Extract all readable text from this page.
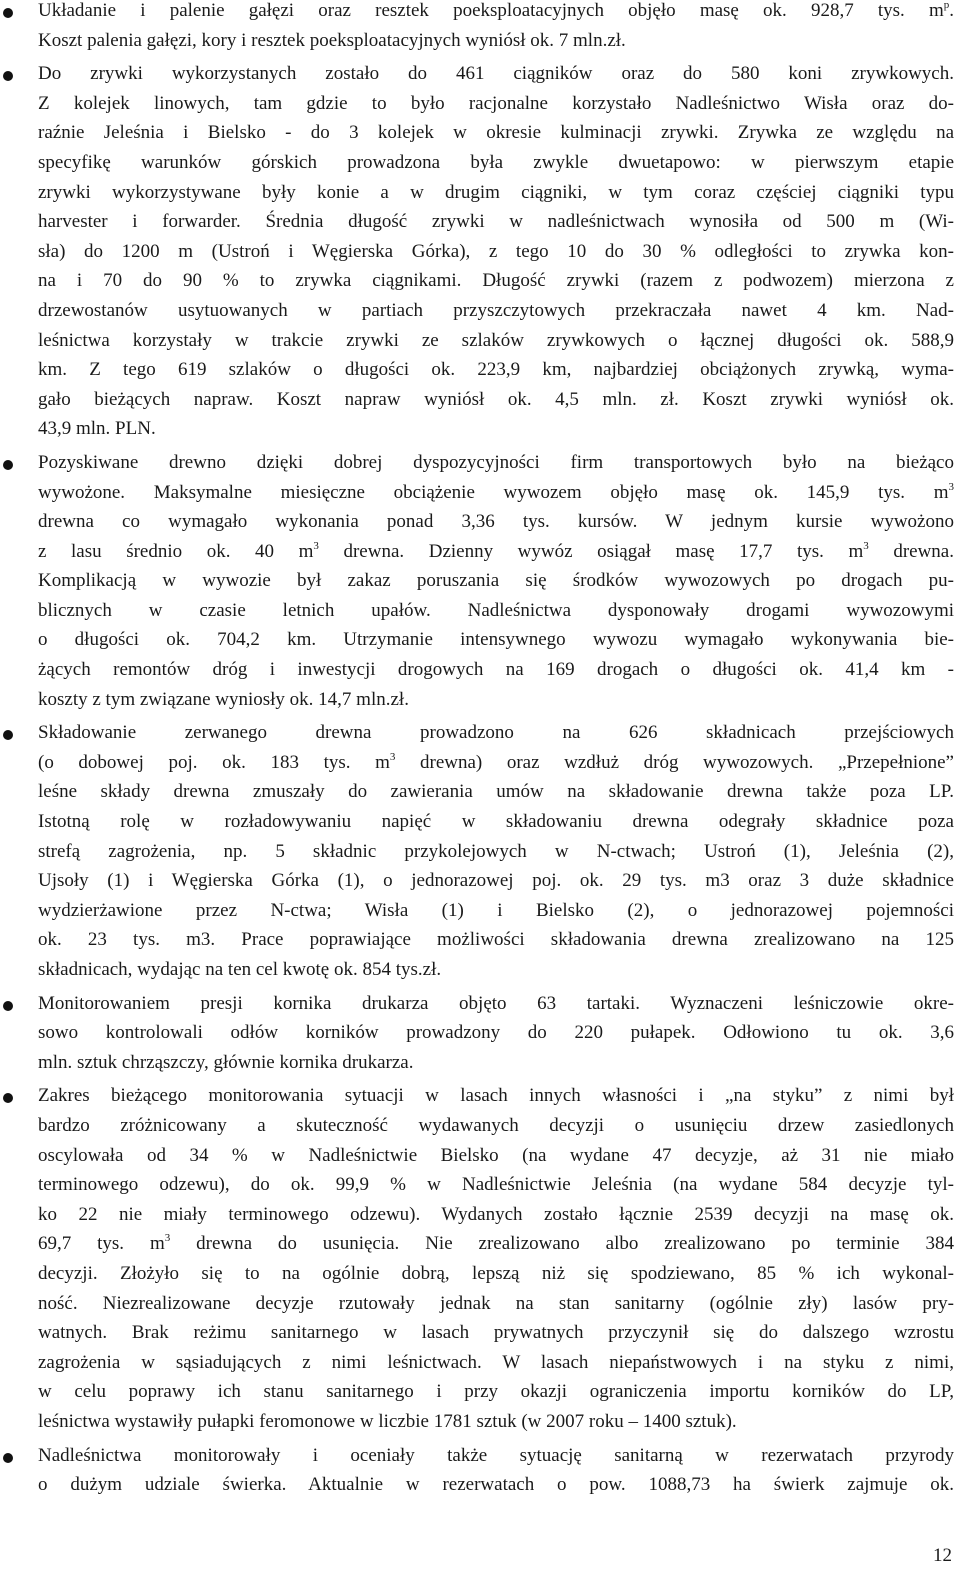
Układanie i palenie gałęzi oraz resztek poeksploatacyjnych objęło masę ok. 928,7 tys. $m^p$.
Koszt palenia gałęzi, kory i resztek poeksploatacyjnych wyniósł ok. 7 mln.zł.
Do zrywki wykorzystanych zostało do 461 ciągników oraz do 580 koni zrywkowych.
Z kolejek linowych, tam gdzie to było racjonalne korzystało Nadleśnictwo Wisła oraz do-
raźnie Jeleśnia i Bielsko - do 3 kolejek w okresie kulminacji zrywki. Zrywka ze względu na
specyfikę warunków górskich prowadzona była zwykle dwuetapowo: w pierwszym etapie
zrywki wykorzystywane były konie a w drugim ciągniki, w tym coraz częściej ciągniki typu
harvester i forwarder. Średnia długość zrywki w nadleśnictwach wynosiła od 500 m (Wi-
sła) do 1200 m (Ustroń i Węgierska Górka), z tego 10 do 30 % odległości to zrywka kon-
na i 70 do 90 % to zrywka ciągnikami. Długość zrywki (razem z podwozem) mierzona z
drzewostanów usytuowanych w partiach przyszczytowych przekraczała nawet 4 km. Nad-
leśnictwa korzystały w trakcie zrywki ze szlaków zrywkowych o łącznej długości ok. 588,9
km. Z tego 619 szlaków o długości ok. 223,9 km, najbardziej obciążonych zrywką, wyma-
gało bieżących napraw. Koszt napraw wyniósł ok. 4,5 mln. zł. Koszt zrywki wyniósł ok.
43,9 mln. PLN.
Pozyskiwane drewno dzięki dobrej dyspozycyjności firm transportowych było na bieżąco
wywożone. Maksymalne miesięczne obciążenie wywozem objęło masę ok. 145,9 tys. $m^3$
drewna co wymagało wykonania ponad 3,36 tys. kursów. W jednym kursie wywożono
z lasu średnio ok. 40 $m^3$ drewna. Dzienny wywóz osiągał masę 17,7 tys. $m^3$ drewna.
Komplikacją w wywozie był zakaz poruszania się środków wywozowych po drogach pu-
blicznych w czasie letnich upałów. Nadleśnictwa dysponowały drogami wywozowymi
o długości ok. 704,2 km. Utrzymanie intensywnego wywozu wymagało wykonywania bie-
żących remontów dróg i inwestycji drogowych na 169 drogach o długości ok. 41,4 km -
koszty z tym związane wyniosły ok. 14,7 mln.zł.
Składowanie zerwanego drewna prowadzono na 626 składnicach przejściowych
(o dobowej poj. ok. 183 tys. $m^3$ drewna) oraz wzdłuż dróg wywozowych. „Przepełnione”
leśne składy drewna zmuszały do zawierania umów na składowanie drewna także poza LP.
Istotną rolę w rozładowywaniu napięć w składowaniu drewna odegrały składnice poza
strefą zagrożenia, np. 5 składnic przykolejowych w N-ctwach; Ustroń (1), Jeleśnia (2),
Ujsoły (1) i Węgierska Górka (1), o jednorazowej poj. ok. 29 tys. m3 oraz 3 duże składnice
wydzierżawione przez N-ctwa; Wisła (1) i Bielsko (2), o jednorazowej pojemności
ok. 23 tys. m3. Prace poprawiające możliwości składowania drewna zrealizowano na 125
składnicach, wydając na ten cel kwotę ok. 854 tys.zł.
Monitorowaniem presji kornika drukarza objęto 63 tartaki. Wyznaczeni leśniczowie okre-
sowo kontrolowali odłów korników prowadzony do 220 pułapek. Odłowiono tu ok. 3,6
mln. sztuk chrząszczy, głównie kornika drukarza.
Zakres bieżącego monitorowania sytuacji w lasach innych własności i „na styku” z nimi był
bardzo zróżnicowany a skuteczność wydawanych decyzji o usunięciu drzew zasiedlonych
oscylowała od 34 % w Nadleśnictwie Bielsko (na wydane 47 decyzje, aż 31 nie miało
terminowego odzewu), do ok. 99,9 % w Nadleśnictwie Jeleśnia (na wydane 584 decyzje tyl-
ko 22 nie miały terminowego odzewu). Wydanych zostało łącznie 2539 decyzji na masę ok.
69,7 tys. $m^3$ drewna do usunięcia. Nie zrealizowano albo zrealizowano po terminie 384
decyzji. Złożyło się to na ogólnie dobrą, lepszą niż się spodziewano, 85 % ich wykonal-
ność. Niezrealizowane decyzje rzutowały jednak na stan sanitarny (ogólnie zły) lasów pry-
watnych. Brak reżimu sanitarnego w lasach prywatnych przyczynił się do dalszego wzrostu
zagrożenia w sąsiadujących z nimi leśnictwach. W lasach niepaństwowych i na styku z nimi,
w celu poprawy ich stanu sanitarnego i przy okazji ograniczenia importu korników do LP,
leśnictwa wystawiły pułapki feromonowe w liczbie 1781 sztuk (w 2007 roku – 1400 sztuk).
Nadleśnictwa monitorowały i oceniały także sytuację sanitarną w rezerwatach przyrody
o dużym udziale świerka. Aktualnie w rezerwatach o pow. 1088,73 ha świerk zajmuje ok.
12
